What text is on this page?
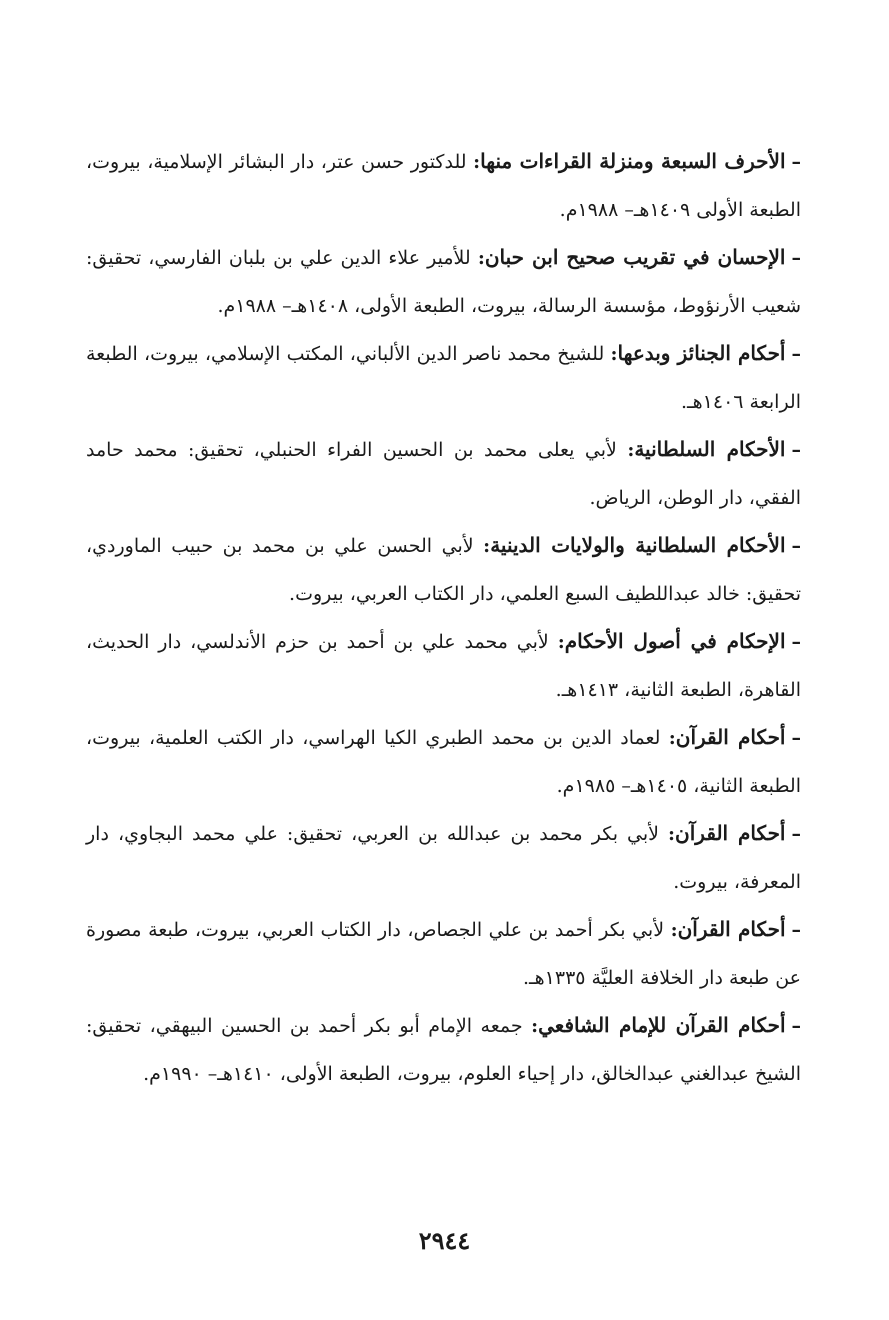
–الأحرف السبعة ومنزلة القراءات منها: للدكتور حسن عتر، دار البشائر الإسلامية، بيروت، الطبعة الأولى ١٤٠٩هـ– ١٩٨٨م.
–الإحسان في تقريب صحيح ابن حبان: للأمير علاء الدين علي بن بلبان الفارسي، تحقيق: شعيب الأرنؤوط، مؤسسة الرسالة، بيروت، الطبعة الأولى، ١٤٠٨هـ– ١٩٨٨م.
–أحكام الجنائز وبدعها: للشيخ محمد ناصر الدين الألباني، المكتب الإسلامي، بيروت، الطبعة الرابعة ١٤٠٦هـ.
–الأحكام السلطانية: لأبي يعلى محمد بن الحسين الفراء الحنبلي، تحقيق: محمد حامد الفقي، دار الوطن، الرياض.
–الأحكام السلطانية والولايات الدينية: لأبي الحسن علي بن محمد بن حبيب الماوردي، تحقيق: خالد عبداللطيف السبع العلمي، دار الكتاب العربي، بيروت.
–الإحكام في أصول الأحكام: لأبي محمد علي بن أحمد بن حزم الأندلسي، دار الحديث، القاهرة، الطبعة الثانية، ١٤١٣هـ.
–أحكام القرآن: لعماد الدين بن محمد الطبري الكيا الهراسي، دار الكتب العلمية، بيروت، الطبعة الثانية، ١٤٠٥هـ– ١٩٨٥م.
–أحكام القرآن: لأبي بكر محمد بن عبدالله بن العربي، تحقيق: علي محمد البجاوي، دار المعرفة، بيروت.
–أحكام القرآن: لأبي بكر أحمد بن علي الجصاص، دار الكتاب العربي، بيروت، طبعة مصورة عن طبعة دار الخلافة العليَّة ١٣٣٥هـ.
–أحكام القرآن للإمام الشافعي: جمعه الإمام أبو بكر أحمد بن الحسين البيهقي، تحقيق: الشيخ عبدالغني عبدالخالق، دار إحياء العلوم، بيروت، الطبعة الأولى، ١٤١٠هـ– ١٩٩٠م.
٢٩٤٤
